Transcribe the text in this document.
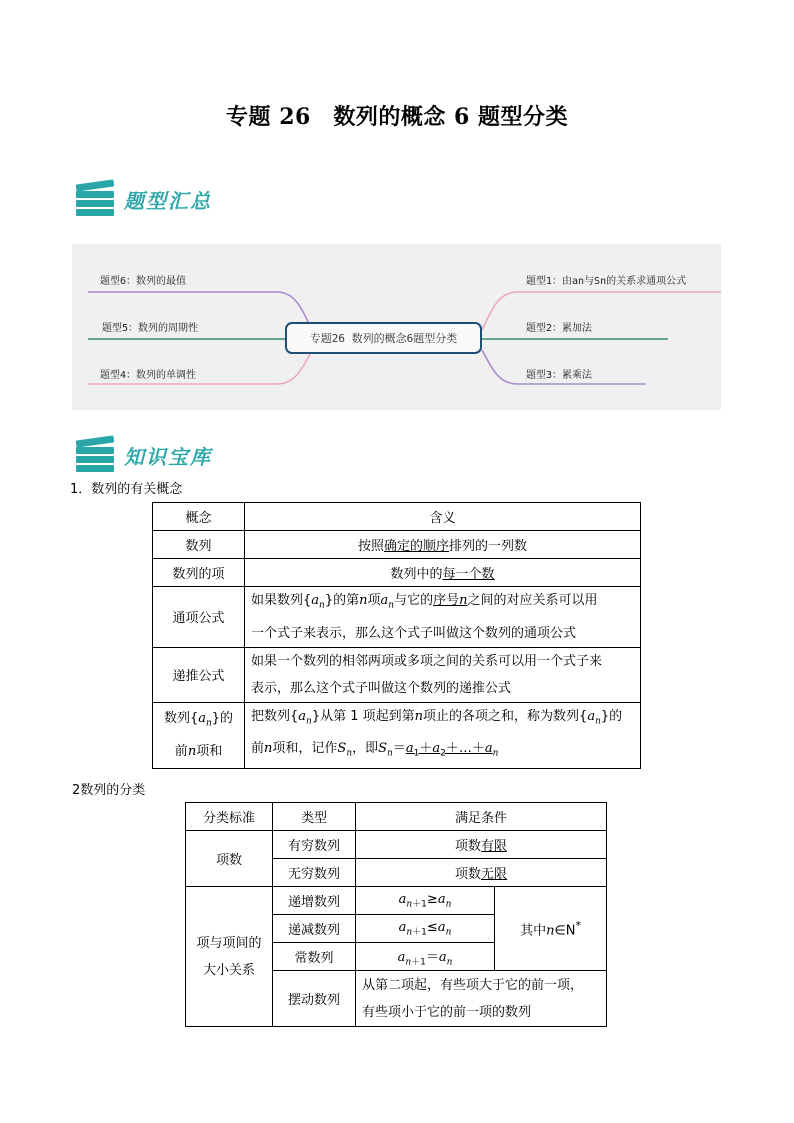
专题 26　数列的概念 6 题型分类
题型汇总
题型6：数列的最值
题型5：数列的周期性
题型4：数列的单调性
专题26 数列的概念6题型分类
题型1：由an与Sn的关系求通项公式
题型2：累加法
题型3：累乘法
知识宝库
1．数列的有关概念
概念	含义
数列	按照确定的顺序排列的一列数
数列的项	数列中的每一个数
通项公式	如果数列$\{a_n\}$的第n项$a_n$与它的序号n之间的对应关系可以用
一个式子来表示，那么这个式子叫做这个数列的通项公式
递推公式	如果一个数列的相邻两项或多项之间的关系可以用一个式子来
表示，那么这个式子叫做这个数列的递推公式
数列$\{a_n\}$的
前n项和	把数列$\{a_n\}$从第 1 项起到第n项止的各项之和，称为数列$\{a_n\}$的
前n项和，记作$S_n$，即$S_n=a_1+a_2+\dots+a_n$
2数列的分类
分类标准	类型	满足条件	
项数	有穷数列	项数有限	
	无穷数列	项数无限	
项与项间的
大小关系	递增数列	$a_{n+1}\ge a_n$	其中n∈N*
	递减数列	$a_{n+1}\le a_n$
	常数列	$a_{n+1}=a_n$
	摆动数列	从第二项起，有些项大于它的前一项，
有些项小于它的前一项的数列	
